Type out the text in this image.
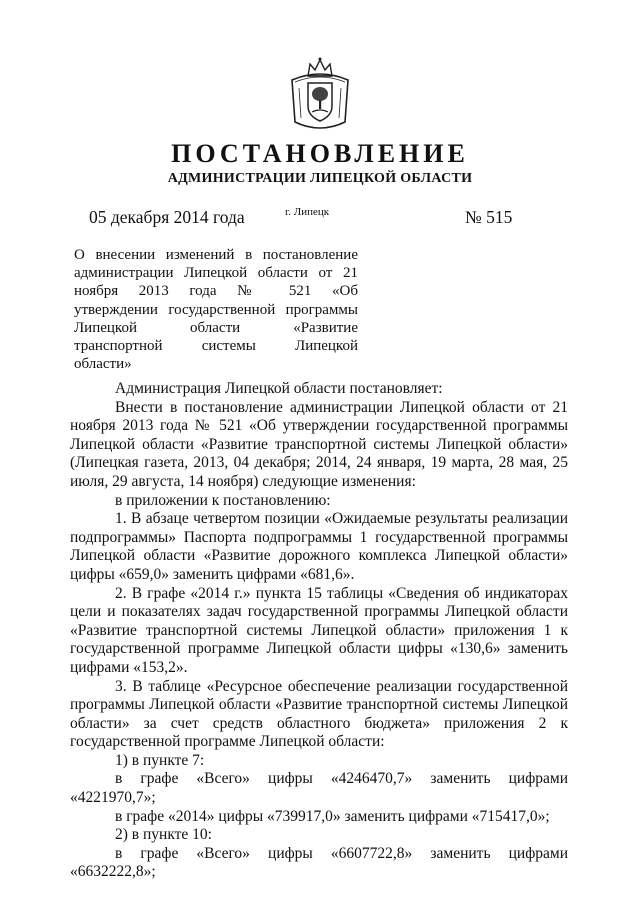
ПОСТАНОВЛЕНИЕ
АДМИНИСТРАЦИИ ЛИПЕЦКОЙ ОБЛАСТИ
05 декабря 2014 года	г. Липецк	№ 515
О внесении изменений в постановление
администрации Липецкой области от 21
ноября 2013 года № 521 «Об
утверждении государственной программы
Липецкой области «Развитие
транспортной системы Липецкой
области»

Администрация Липецкой области постановляет:

Внести в постановление администрации Липецкой области от 21 ноября 2013 года № 521 «Об утверждении государственной программы Липецкой области «Развитие транспортной системы Липецкой области» (Липецкая газета, 2013, 04 декабря; 2014, 24 января, 19 марта, 28 мая, 25 июля, 29 августа, 14 ноября) следующие изменения:

в приложении к постановлению:

1. В абзаце четвертом позиции «Ожидаемые результаты реализации подпрограммы» Паспорта подпрограммы 1 государственной программы Липецкой области «Развитие дорожного комплекса Липецкой области» цифры «659,0» заменить цифрами «681,6».

2. В графе «2014 г.» пункта 15 таблицы «Сведения об индикаторах цели и показателях задач государственной программы Липецкой области «Развитие транспортной системы Липецкой области» приложения 1 к государственной программе Липецкой области цифры «130,6» заменить цифрами «153,2».

3. В таблице «Ресурсное обеспечение реализации государственной программы Липецкой области «Развитие транспортной системы Липецкой области» за счет средств областного бюджета» приложения 2 к государственной программе Липецкой области:

1) в пункте 7:

в графе «Всего» цифры «4246470,7» заменить цифрами

«4221970,7»;

в графе «2014» цифры «739917,0» заменить цифрами «715417,0»;

2) в пункте 10:

в графе «Всего» цифры «6607722,8» заменить цифрами

«6632222,8»;
